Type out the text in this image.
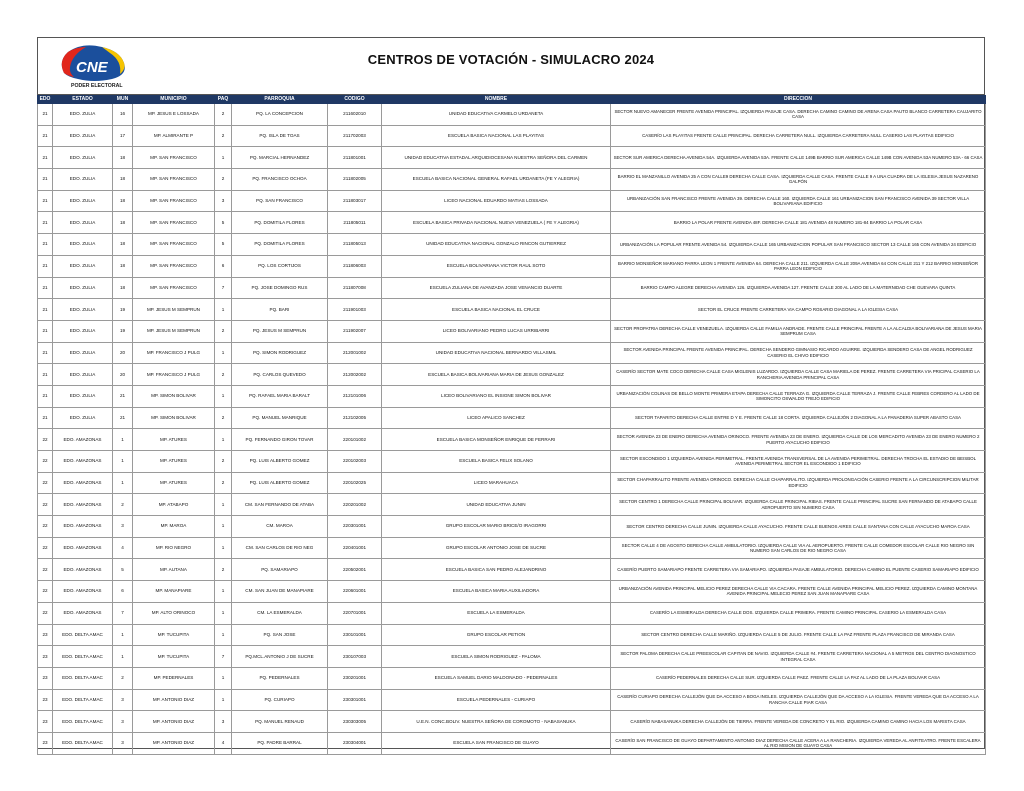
CNE
PODER ELECTORAL
CENTROS DE VOTACIÓN - SIMULACRO 2024
EDO	ESTADO	MUN	MUNICIPIO	PAQ	PARROQUIA	CODIGO	NOMBRE	DIRECCION
21	EDO. ZULIA	16	MP. JESUS E LOSSADA	2	PQ. LA CONCEPCION	211602010	UNIDAD EDUCATIVA CARMELO URDANETA	SECTOR NUEVO AMANECER FRENTE AVENIDA PRINCIPAL. IZQUIERDA PASAJE CASA. DERECHA CAMINO CAMINO DE ARENA CASA PAUTO BLANCO CARRETERA CAUJARITO CASA
21	EDO. ZULIA	17	MP. ALMIRANTE P	2	PQ. ISLA DE TOAS	211702003	ESCUELA BASICA NACIONAL LAS PLAYITAS	CASERÍO LAS PLAYITAS FRENTE CALLE PRINCIPAL. DERECHA CARRETERA NULL. IZQUIERDA CARRETERA NULL CASERIO LAS PLAYITAS EDIFICIO
21	EDO. ZULIA	18	MP. SAN FRANCISCO	1	PQ. MARCIAL HERNANDEZ	211801001	UNIDAD EDUCATIVA ESTADAL ARQUIDIOCESANA NUESTRA SEÑORA DEL CARMEN	SECTOR SUR AMERICA DERECHA AVENIDA 54A. IZQUIERDA AVENIDA 53A. FRENTE CALLE 149B BARRIO SUR AMERICA CALLE 149B CON AVENIDA 53A NUMERO 53A - 66 CASA
21	EDO. ZULIA	18	MP. SAN FRANCISCO	2	PQ. FRANCISCO OCHOA	211802005	ESCUELA BASICA NACIONAL GENERAL RAFAEL URDANETA (FE Y ALEGRIA)	BARRIO EL MANZANILLO AVENIDA 25 A CON CALLE9 DERECHA CALLE CASA. IZQUIERDA CALLE CASA. FRENTE CALLE 9 A UNA CUADRA DE LA IGLESIA JESUS NAZARENO GALPÓN
21	EDO. ZULIA	18	MP. SAN FRANCISCO	3	PQ. SAN FRANCISCO	211803017	LICEO NACIONAL EDUARDO MATIAS LOSSADA	URBANIZACIÓN SAN FRANCISCO FRENTE AVENIDA 39. DERECHA CALLE 160. IZQUIERDA CALLE 161 URBANIZACION SAN FRANCISCO AVENIDA 39 SECTOR VILLA BOLIVARIANA EDIFICIO
21	EDO. ZULIA	18	MP. SAN FRANCISCO	5	PQ. DOMITILA FLORES	211805011	ESCUELA BASICA PRIVADA NACIONAL NUEVA VENEZUELA ( FE Y ALEGRIA)	BARRIO LA POLAR FRENTE AVENIDA 48F. DERECHA CALLE 181 AVENIDA 48 NUMERO 181-84 BARRIO LA POLAR CASA
21	EDO. ZULIA	18	MP. SAN FRANCISCO	5	PQ. DOMITILA FLORES	211805013	UNIDAD EDUCATIVA NACIONAL GONZALO RINCON GUTIERREZ	URBANIZACIÓN LA POPULAR FRENTE AVENIDA 54. IZQUIERDA CALLE 165 URBANIZACION POPULAR SAN FRANCISCO SECTOR 13 CALLE 165 CON AVENIDA 24 EDIFICIO
21	EDO. ZULIA	18	MP. SAN FRANCISCO	6	PQ. LOS CORTIJOS	211806003	ESCUELA BOLIVARIANA VICTOR RAUL SOTO	BARRIO MONSEÑOR MARIANO PARRA LEON 1 FRENTE AVENIDA 64. DERECHA CALLE 211. IZQUIERDA CALLE 209A AVENIDA 64 CON CALLE 211 Y 212 BARRIO MONSEÑOR PARRA LEON EDIFICIO
21	EDO. ZULIA	18	MP. SAN FRANCISCO	7	PQ. JOSE DOMINGO RUS	211807008	ESCUELA ZULIANA DE AVANZADA JOSE VENANCIO DUARTE	BARRIO CAMPO ALEGRE DERECHA AVENIDA 126. IZQUIERDA AVENIDA 127. FRENTE CALLE 200 AL LADO DE LA MATERNIDAD CHE GUEVARA QUINTA
21	EDO. ZULIA	19	MP. JESUS M SEMPRUN	1	PQ. BARI	211901003	ESCUELA BASICA NACIONAL EL CRUCE	SECTOR EL CRUCE FRENTE CARRETERA VIA CAMPO ROSARIO DIAGONAL A LA IGLESIA CASA
21	EDO. ZULIA	19	MP. JESUS M SEMPRUN	2	PQ. JESUS M SEMPRUN	211902007	LICEO BOLIVARIANO PEDRO LUCAS URRIBARRI	SECTOR PROPATRIA DERECHA CALLE VENEZUELA. IZQUIERDA CALLE FAMILIA ANDRADE. FRENTE CALLE PRINCIPAL FRENTE A LA ALCALDIA BOLIVARIANA DE JESUS MARIA SEMPRUM CASA
21	EDO. ZULIA	20	MP. FRANCISCO J PULG	1	PQ. SIMON RODRIGUEZ	212001002	UNIDAD EDUCATIVA NACIONAL BERNARDO VILLASMIL	SECTOR AVENIDA PRINCIPAL FRENTE AVENIDA PRINCIPAL. DERECHA SENDERO GIMNASIO RICARDO AGUIRRE. IZQUIERDA SENDERO CASA DE ANGEL RODRIGUEZ CASERIO EL CHIVO EDIFICIO
21	EDO. ZULIA	20	MP. FRANCISCO J PULG	2	PQ. CARLOS QUEVEDO	212002002	ESCUELA BASICA BOLIVARIANA MARIA DE JESUS GONZALEZ	CASERÍO SECTOR MATE COCO DERECHA CALLE CASA MIGLENIS LUZARDO. IZQUIERDA CALLE CASA MARIELA DE PEREZ. FRENTE CARRETERA VIA PRICIPAL CASERIO LA RANCHERIA AVENIDA PRINCIPAL CASA
21	EDO. ZULIA	21	MP. SIMON BOLIVAR	1	PQ. RAFAEL MARIA BARALT	212101006	LICEO BOLIVARIANO EL INSIGNE SIMON BOLIVAR	URBANIZACIÓN COLINAS DE BELLO MONTE PRIMERA ETAPA DERECHA CALLE TERRAZA G. IZQUIERDA CALLE TERRAZA J. FRENTE CALLE FEBRES CORDERO AL LADO DE SIMONCITO OSWALDO TREJO EDIFICIO
21	EDO. ZULIA	21	MP. SIMON BOLIVAR	2	PQ. MANUEL MANRIQUE	212102005	LICEO APALICO SANCHEZ	SECTOR TAPARITO DERECHA CALLE ENTRE D Y E. FRENTE CALLE 18 CORTA. IZQUIERDA CALLEJÓN 2 DIAGONAL A LA PANADERIA SUPER ABASTO CASA
22	EDO. AMAZONAS	1	MP. ATURES	1	PQ. FERNANDO GIRON TOVAR	220101002	ESCUELA BASICA MONSEÑOR ENRIQUE DE FERRARI	SECTOR AVENIDA 23 DE ENERO DERECHA AVENIDA ORINOCO. FRENTE AVENIDA 23 DE ENERO. IZQUIERDA CALLE DE LOS MERCADITO AVENIDA 23 DE ENERO NUMERO 2 PUERTO AYACUCHO EDIFICIO
22	EDO. AMAZONAS	1	MP. ATURES	2	PQ. LUIS ALBERTO GOMEZ	220102003	ESCUELA BASICA FELIX SOLANO	SECTOR ESCONDIDO 1 IZQUIERDA AVENIDA PERIMETRAL. FRENTE AVENIDA TRANSVERSAL DE LA AVENIDA PERIMETRAL. DERECHA TROCHA EL ESTADIO DE BEISBOL AVENIDA PERIMETRAL SECTOR EL ESCONDIDO 1 EDIFICIO
22	EDO. AMAZONAS	1	MP. ATURES	2	PQ. LUIS ALBERTO GOMEZ	220102025	LICEO MARAHUACA	SECTOR CHAPARRALITO FRENTE AVENIDA ORINOCO. DERECHA CALLE CHAPARRALITO. IZQUIERDA PROLONGACIÓN CASERIO FRENTE A LA CIRCUNSCRIPCION MILITAR EDIFICIO
22	EDO. AMAZONAS	2	MP. ATABAPO	1	CM. SAN FERNANDO DE ATABA	220201002	UNIDAD EDUCATIVA JUNIN	SECTOR CENTRO 1 DERECHA CALLE PRINCIPAL BOLIVAR. IZQUIERDA CALLE PRINCIPAL RIBAS. FRENTE CALLE PRINCIPAL SUCRE SAN FERNANDO DE ATABAPO CALLE AEROPUERTO SIN NUMERO CASA
22	EDO. AMAZONAS	3	MP. MAROA	1	CM. MAROA	220301001	GRUPO ESCOLAR MARIO BRICE/O IRAGORRI	SECTOR CENTRO DERECHA CALLE JUNIN. IZQUIERDA CALLE AYACUCHO. FRENTE CALLE BUENOS AIRES CALLE SANTANA CON CALLE AYACUCHO MAROA CASA
22	EDO. AMAZONAS	4	MP. RIO NEGRO	1	CM. SAN CARLOS DE RIO NEG	220401001	GRUPO ESCOLAR ANTONIO JOSE DE SUCRE	SECTOR CALLE 4 DE AGOSTO DERECHA CALLE AMBULATORIO. IZQUIERDA CALLE VIA AL AEROPUERTO. FRENTE CALLE COMEDOR ESCOLAR CALLE RIO NEGRO SIN NUMERO SAN CARLOS DE RIO NEGRO CASA
22	EDO. AMAZONAS	5	MP. AUTANA	2	PQ. SAMARIAPO	220502001	ESCUELA BASICA SAN PEDRO ALEJANDRINO	CASERÍO PUERTO SAMARIAPO FRENTE CARRETERA VIA SAMARIAPO. IZQUIERDA PASAJE AMBULATORIO. DERECHA CAMINO EL PUENTE CASERIO SAMARIAPO EDIFICIO
22	EDO. AMAZONAS	6	MP. MANAPIARE	1	CM. SAN JUAN DE MANAPIARE	220601001	ESCUELA BASICA MARIA AUXILIADORA	URBANIZACIÓN AVENIDA PRINCIPAL MELICIO PEREZ DERECHA CALLE VIA CACARA. FRENTE CALLE AVENIDA PRINCIPAL MELICIO PEREZ. IZQUIERDA CAMINO MONTANA AVENIDA PRINCIPAL MELECIO PEREZ SAN JUAN MANAPIARE CASA
22	EDO. AMAZONAS	7	MP. ALTO ORINOCO	1	CM. LA ESMERALDA	220701001	ESCUELA LA ESMERALDA	CASERÍO LA ESMERALDA DERECHA CALLE DOS. IZQUIERDA CALLE PRIMERA. FRENTE CAMINO PRINCIPAL CASERIO LA ESMERALDA CASA
23	EDO. DELTA AMAC	1	MP. TUCUPITA	1	PQ. SAN JOSE	230101001	GRUPO ESCOLAR PETION	SECTOR CENTRO DERECHA CALLE MARIÑO. IZQUIERDA CALLE 5 DE JULIO. FRENTE CALLE LA PAZ FRENTE PLAZA FRANCISCO DE MIRANDA CASA
23	EDO. DELTA AMAC	1	MP. TUCUPITA	7	PQ.MCL.ANTONIO J DE SUCRE	230107003	ESCUELA SIMON RODRIGUEZ - PALOMA	SECTOR PALOMA DERECHA CALLE PREESCOLAR CAPITAN DE NAVIO. IZQUIERDA CALLE #4. FRENTE CARRETERA NACIONAL A 5 METROS DEL CENTRO DIAGNOSTICO INTEGRAL CASA
23	EDO. DELTA AMAC	2	MP. PEDERNALES	1	PQ. PEDERNALES	230201001	ESCUELA SAMUEL DARIO MALDONADO - PEDERNALES	CASERÍO PEDERNALES DERECHA CALLE SUR. IZQUIERDA CALLE PAEZ. FRENTE CALLE LA PAZ AL LADO DE LA PLAZA BOLIVAR CASA
23	EDO. DELTA AMAC	3	MP. ANTONIO DIAZ	1	PQ. CURIAPO	230301001	ESCUELA PEDERNALES - CURIAPO	CASERÍO CURIAPO DERECHA CALLEJÓN QUE DA ACCESO A BOGA INGLES. IZQUIERDA CALLEJÓN QUE DA ACCESO A LA IGLESIA. FRENTE VEREDA QUE DA ACCESO A LA RANCHA CALLE PIAR CASA
23	EDO. DELTA AMAC	3	MP. ANTONIO DIAZ	3	PQ. MANUEL RENAUD	230303005	U.E.N. CONC.BOLIV. NUESTRA SEÑORA DE COROMOTO - NABASANUKA	CASERÍO NABASANUKA DERECHA CALLEJÓN DE TIERRA. FRENTE VEREDA DE CONCRETO Y EL RIO. IZQUIERDA CAMINO CAMINO HACIA LOS MARISTA CASA
23	EDO. DELTA AMAC	3	MP. ANTONIO DIAZ	4	PQ. PADRE BARRAL	230304001	ESCUELA SAN FRANCISCO DE GUAYO	CASERÍO SAN FRANCISCO DE GUAYO DEPARTAMENTO ANTONIO DIAZ DERECHA CALLE ACERA A LA RANCHERIA. IZQUIERDA VEREDA AL ANFITEATRO. FRENTE ESCALERA AL RIO MISION DE GUAYO CASA
